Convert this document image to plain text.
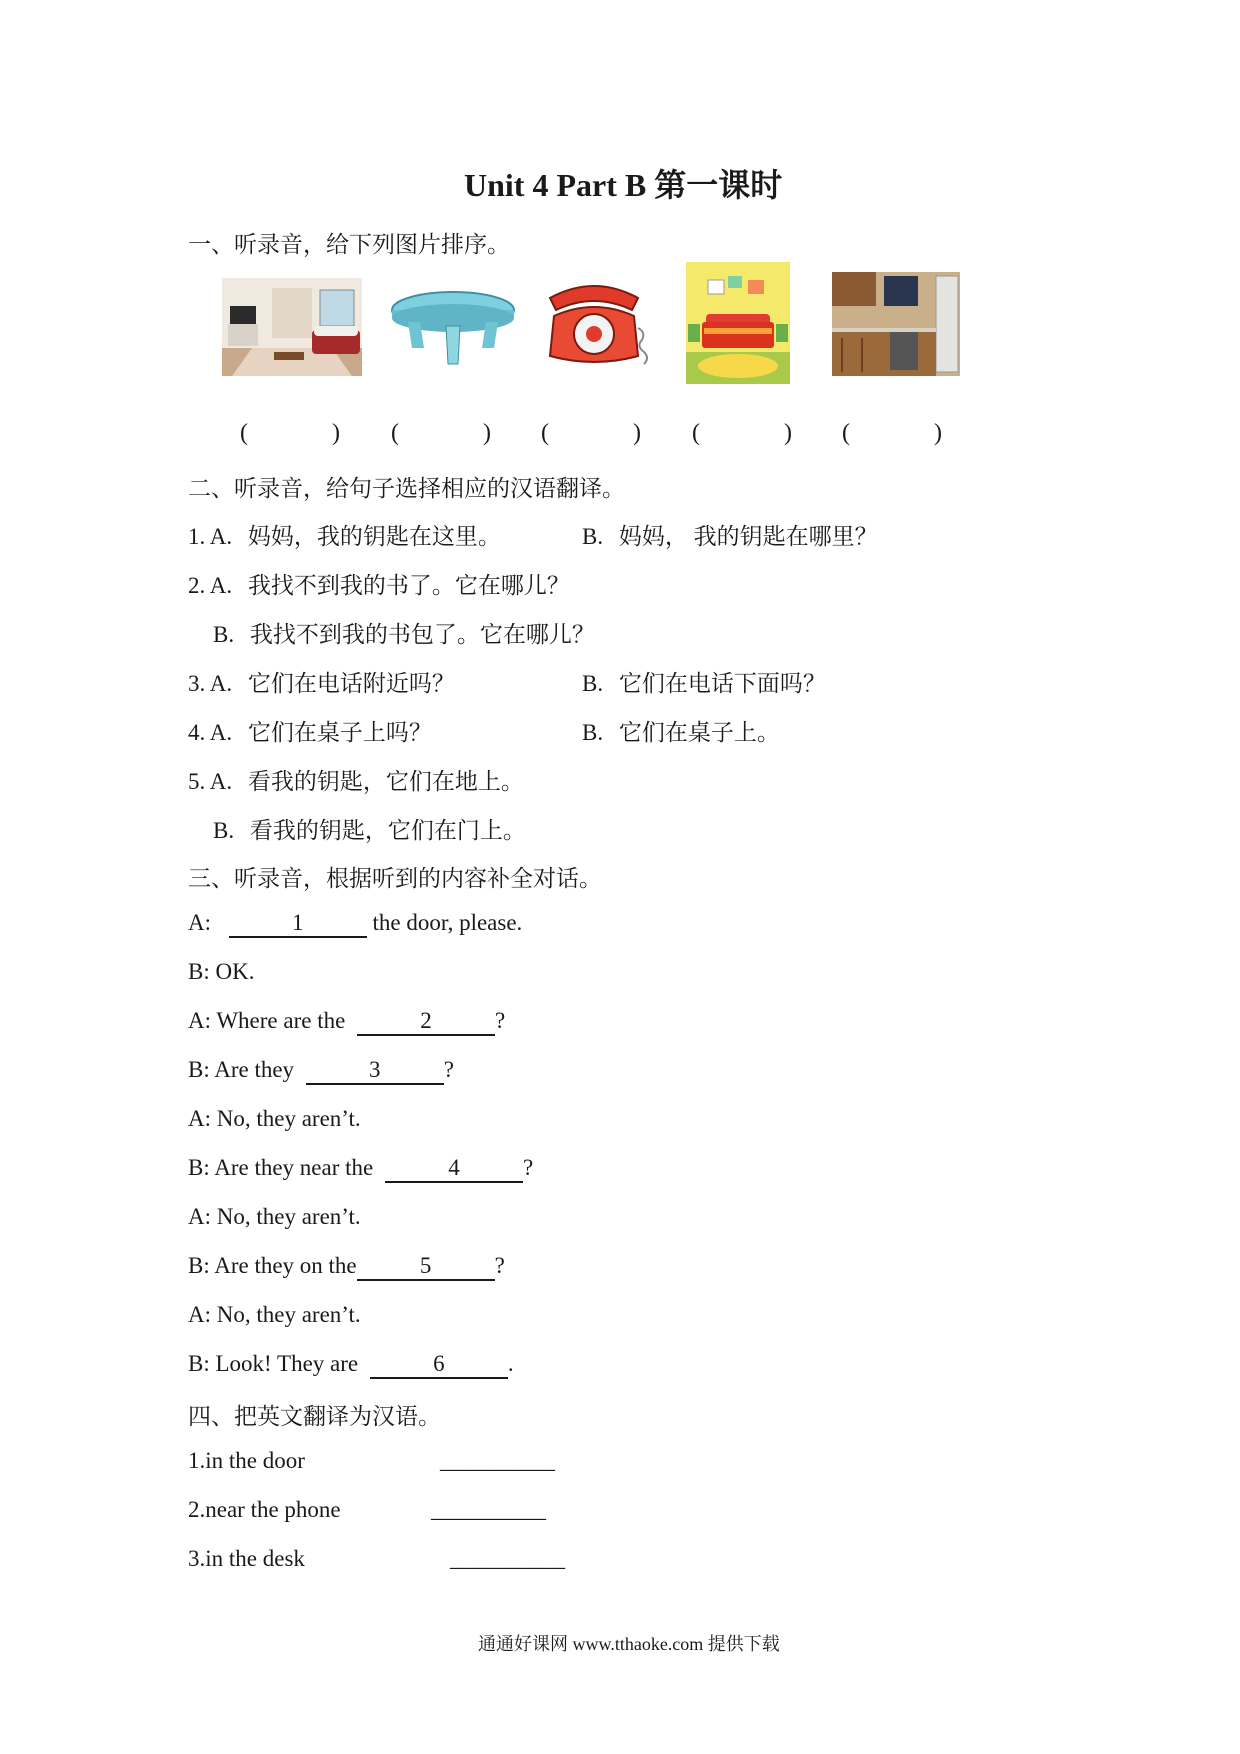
Unit 4 Part B 第一课时
一、听录音，给下列图片排序。
(	) (	) (	) (	) (	)
二、听录音，给句子选择相应的汉语翻译。
1. A. 妈妈，我的钥匙在这里。	B. 妈妈， 我的钥匙在哪里？
2. A. 我找不到我的书了。它在哪儿？
B. 我找不到我的书包了。它在哪儿？
3. A. 它们在电话附近吗？	B. 它们在电话下面吗？
4. A. 它们在桌子上吗？	B. 它们在桌子上。
5. A. 看我的钥匙，它们在地上。
B. 看我的钥匙，它们在门上。
三、听录音，根据听到的内容补全对话。
A:	1	the door, please.
B: OK.
A: Where are the	2	?
B: Are they	3	?
A: No, they aren’t.
B: Are they near the	4	?
A: No, they aren’t.
B: Are they on the	5	?
A: No, they aren’t.
B: Look! They are	6	.
四、把英文翻译为汉语。
1.in the door	__________
2.near the phone	__________
3.in the desk	__________
通通好课网 www.tthaoke.com 提供下载
